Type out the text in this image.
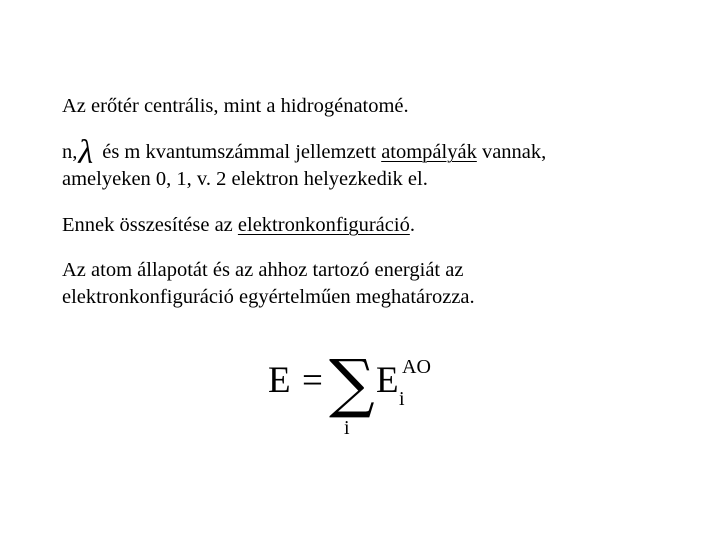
Az erőtér centrális, mint a hidrogénatomé.
n,λ és m kvantumszámmal jellemzett atompályák vannak,
amelyeken 0, 1, v. 2 elektron helyezkedik el.
Ennek összesítése az elektronkonfiguráció.
Az atom állapotát és az ahhoz tartozó energiát az
elektronkonfiguráció egyértelműen meghatározza.
E = ∑
i
E AO
i
